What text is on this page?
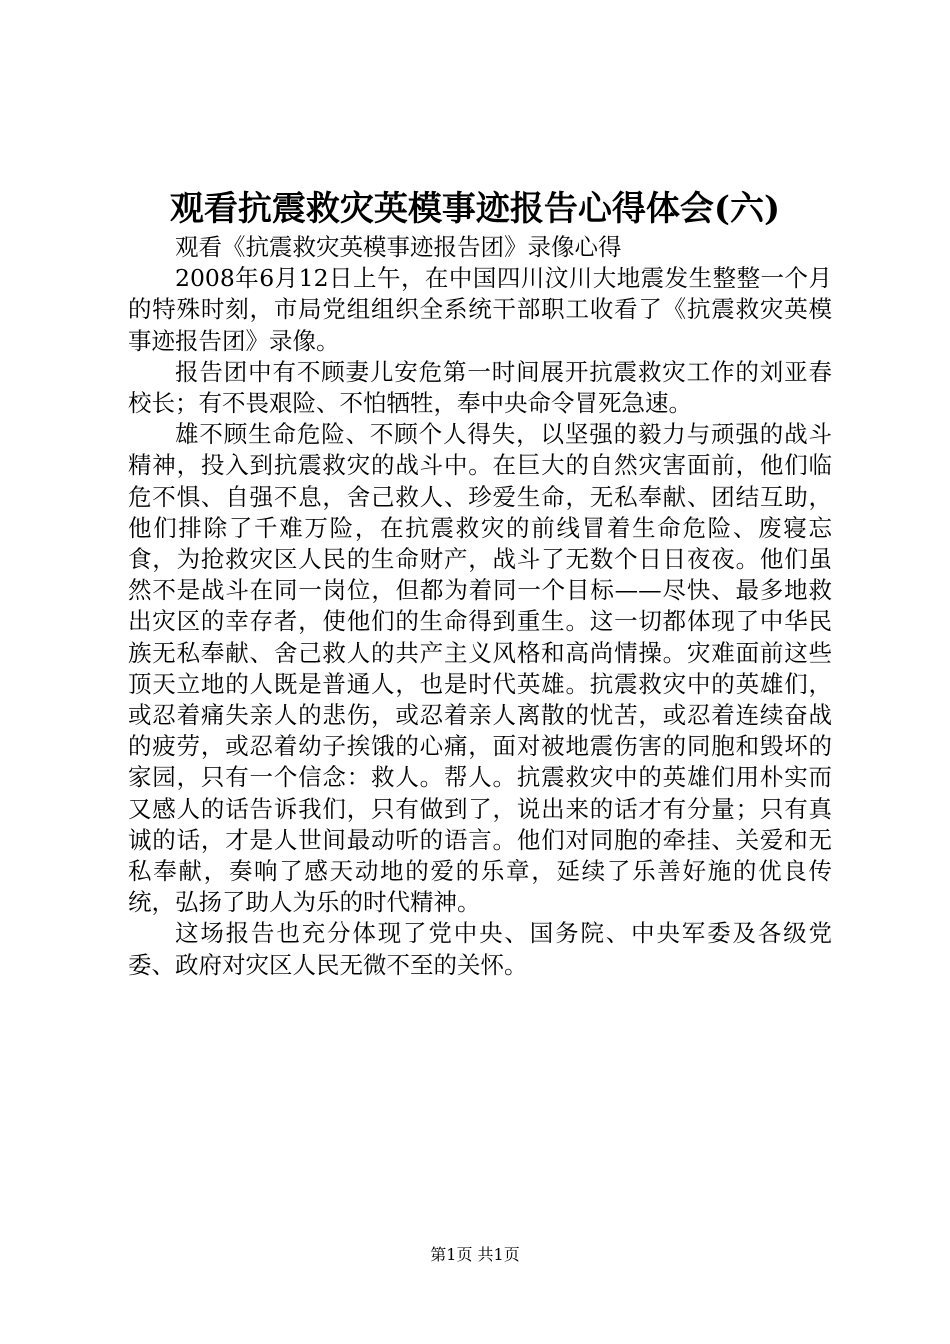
观看抗震救灾英模事迹报告心得体会(六)

观看《抗震救灾英模事迹报告团》录像心得

2008年6月12日上午，在中国四川汶川大地震发生整整一个月的特殊时刻，市局党组组织全系统干部职工收看了《抗震救灾英模事迹报告团》录像。

报告团中有不顾妻儿安危第一时间展开抗震救灾工作的刘亚春校长；有不畏艰险、不怕牺牲，奉中央命令冒死急速。

雄不顾生命危险、不顾个人得失，以坚强的毅力与顽强的战斗精神，投入到抗震救灾的战斗中。在巨大的自然灾害面前，他们临危不惧、自强不息，舍己救人、珍爱生命，无私奉献、团结互助，他们排除了千难万险，在抗震救灾的前线冒着生命危险、废寝忘食，为抢救灾区人民的生命财产，战斗了无数个日日夜夜。他们虽然不是战斗在同一岗位，但都为着同一个目标——尽快、最多地救出灾区的幸存者，使他们的生命得到重生。这一切都体现了中华民族无私奉献、舍己救人的共产主义风格和高尚情操。灾难面前这些顶天立地的人既是普通人，也是时代英雄。抗震救灾中的英雄们，或忍着痛失亲人的悲伤，或忍着亲人离散的忧苦，或忍着连续奋战的疲劳，或忍着幼子挨饿的心痛，面对被地震伤害的同胞和毁坏的家园，只有一个信念：救人。帮人。抗震救灾中的英雄们用朴实而又感人的话告诉我们，只有做到了，说出来的话才有分量；只有真诚的话，才是人世间最动听的语言。他们对同胞的牵挂、关爱和无私奉献，奏响了感天动地的爱的乐章，延续了乐善好施的优良传统，弘扬了助人为乐的时代精神。

这场报告也充分体现了党中央、国务院、中央军委及各级党委、政府对灾区人民无微不至的关怀。

第1页 共1页
